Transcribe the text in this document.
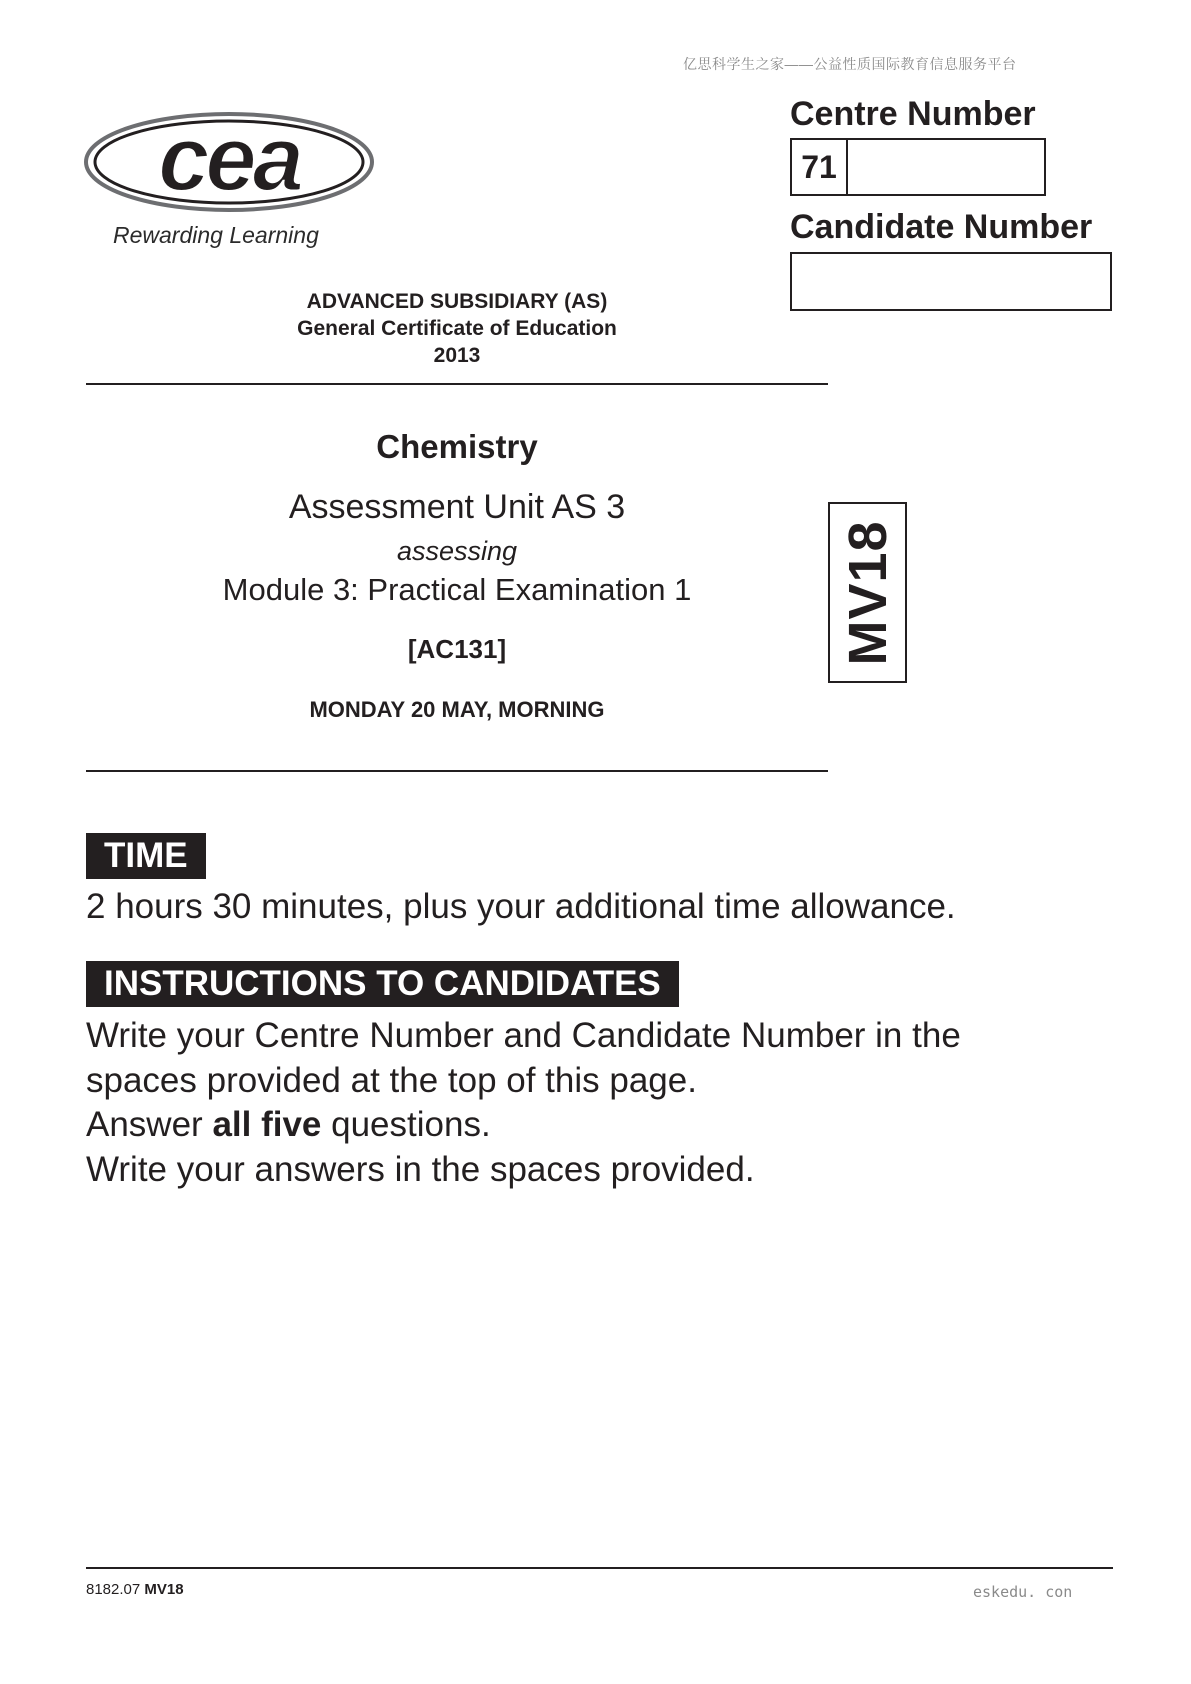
亿思科学生之家——公益性质国际教育信息服务平台
cea
Rewarding Learning
Centre Number
71
Candidate Number
ADVANCED SUBSIDIARY (AS)
General Certificate of Education
2013
Chemistry
Assessment Unit AS 3
assessing
Module 3: Practical Examination 1
[AC131]
MONDAY 20 MAY, MORNING
MV18
TIME
2 hours 30 minutes, plus your additional time allowance.
INSTRUCTIONS TO CANDIDATES
Write your Centre Number and Candidate Number in the
spaces provided at the top of this page.
Answer all five questions.
Write your answers in the spaces provided.
8182.07 MV18	eskedu. con
